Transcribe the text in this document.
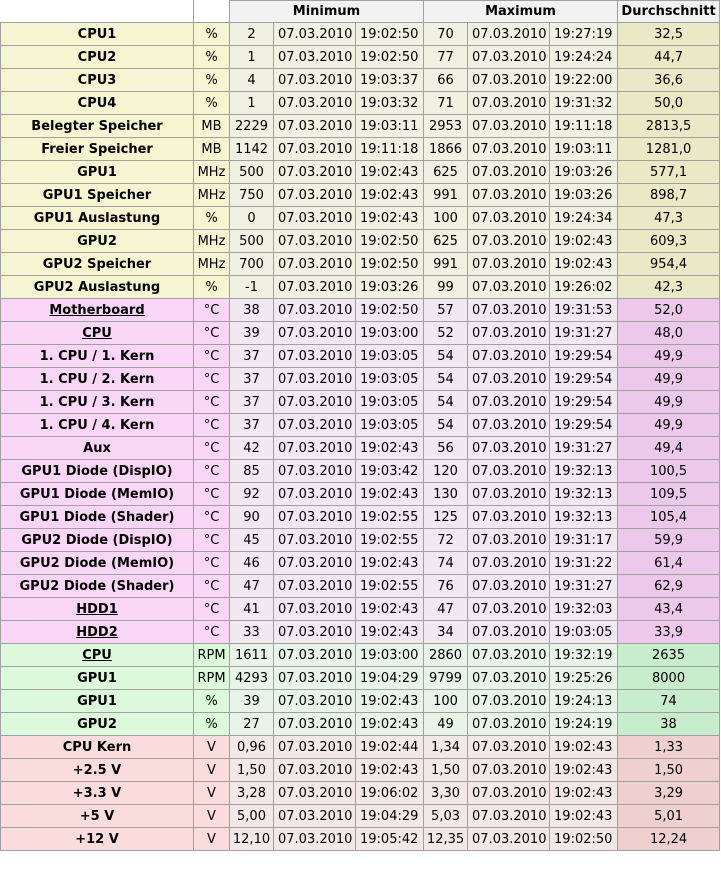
		Minimum			Maximum			Durchschnitt
CPU1	%	2	07.03.2010	19:02:50	70	07.03.2010	19:27:19	32,5
CPU2	%	1	07.03.2010	19:02:50	77	07.03.2010	19:24:24	44,7
CPU3	%	4	07.03.2010	19:03:37	66	07.03.2010	19:22:00	36,6
CPU4	%	1	07.03.2010	19:03:32	71	07.03.2010	19:31:32	50,0
Belegter Speicher	MB	2229	07.03.2010	19:03:11	2953	07.03.2010	19:11:18	2813,5
Freier Speicher	MB	1142	07.03.2010	19:11:18	1866	07.03.2010	19:03:11	1281,0
GPU1	MHz	500	07.03.2010	19:02:43	625	07.03.2010	19:03:26	577,1
GPU1 Speicher	MHz	750	07.03.2010	19:02:43	991	07.03.2010	19:03:26	898,7
GPU1 Auslastung	%	0	07.03.2010	19:02:43	100	07.03.2010	19:24:34	47,3
GPU2	MHz	500	07.03.2010	19:02:50	625	07.03.2010	19:02:43	609,3
GPU2 Speicher	MHz	700	07.03.2010	19:02:50	991	07.03.2010	19:02:43	954,4
GPU2 Auslastung	%	-1	07.03.2010	19:03:26	99	07.03.2010	19:26:02	42,3
Motherboard	°C	38	07.03.2010	19:02:50	57	07.03.2010	19:31:53	52,0
CPU	°C	39	07.03.2010	19:03:00	52	07.03.2010	19:31:27	48,0
1. CPU / 1. Kern	°C	37	07.03.2010	19:03:05	54	07.03.2010	19:29:54	49,9
1. CPU / 2. Kern	°C	37	07.03.2010	19:03:05	54	07.03.2010	19:29:54	49,9
1. CPU / 3. Kern	°C	37	07.03.2010	19:03:05	54	07.03.2010	19:29:54	49,9
1. CPU / 4. Kern	°C	37	07.03.2010	19:03:05	54	07.03.2010	19:29:54	49,9
Aux	°C	42	07.03.2010	19:02:43	56	07.03.2010	19:31:27	49,4
GPU1 Diode (DispIO)	°C	85	07.03.2010	19:03:42	120	07.03.2010	19:32:13	100,5
GPU1 Diode (MemIO)	°C	92	07.03.2010	19:02:43	130	07.03.2010	19:32:13	109,5
GPU1 Diode (Shader)	°C	90	07.03.2010	19:02:55	125	07.03.2010	19:32:13	105,4
GPU2 Diode (DispIO)	°C	45	07.03.2010	19:02:55	72	07.03.2010	19:31:17	59,9
GPU2 Diode (MemIO)	°C	46	07.03.2010	19:02:43	74	07.03.2010	19:31:22	61,4
GPU2 Diode (Shader)	°C	47	07.03.2010	19:02:55	76	07.03.2010	19:31:27	62,9
HDD1	°C	41	07.03.2010	19:02:43	47	07.03.2010	19:32:03	43,4
HDD2	°C	33	07.03.2010	19:02:43	34	07.03.2010	19:03:05	33,9
CPU	RPM	1611	07.03.2010	19:03:00	2860	07.03.2010	19:32:19	2635
GPU1	RPM	4293	07.03.2010	19:04:29	9799	07.03.2010	19:25:26	8000
GPU1	%	39	07.03.2010	19:02:43	100	07.03.2010	19:24:13	74
GPU2	%	27	07.03.2010	19:02:43	49	07.03.2010	19:24:19	38
CPU Kern	V	0,96	07.03.2010	19:02:44	1,34	07.03.2010	19:02:43	1,33
+2.5 V	V	1,50	07.03.2010	19:02:43	1,50	07.03.2010	19:02:43	1,50
+3.3 V	V	3,28	07.03.2010	19:06:02	3,30	07.03.2010	19:02:43	3,29
+5 V	V	5,00	07.03.2010	19:04:29	5,03	07.03.2010	19:02:43	5,01
+12 V	V	12,10	07.03.2010	19:05:42	12,35	07.03.2010	19:02:50	12,24
